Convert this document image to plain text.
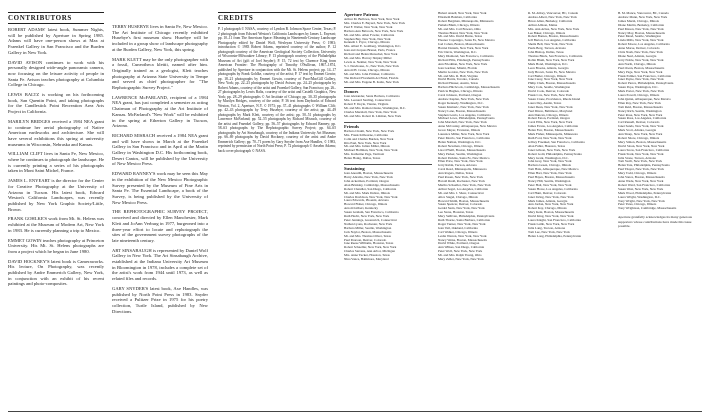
CONTRIBUTORS

ROBERT ADAMS' latest book, Summer Nights, will be published by Aperture in Spring 1985. Adams will have one-person shows at Max at Fraenkel Gallery in San Francisco and the Burden Gallery in New York.

DAVID AVISON continues to work with his personally designed wide-angle panoramic camera, now focusing on the leisure activity of people in Santa Fe. Avison teaches photography at Columbia College in Chicago.

LEWIS BALTZ is working on his forthcoming book, San Quentin Point, and taking photographs for the Candlestick Point Recreation Area Arts Project in California.

MARILYN BRIDGES received a 1984 NEA grant to continue her aerial photography of Native American earthworks and architecture. She will have several exhibitions this spring at university museums in Wisconsin, Nebraska and Kansas.

WILLIAM CLIFT lives in Santa Fe, New Mexico, where he continues to photograph the landscape. He is currently printing a series of his photographs taken in Mont Saint Michel, France.

JAMES L. ENYEART is the director for the Center for Creative Photography at the University of Arizona in Tucson. His latest book, Edward Weston's California Landscapes, was recently published by New York Graphic Society/Little, Brown.

FRANK GOHLKE'S work from Mt. St. Helens was exhibited at the Museum of Modern Art, New York in 1983. He is currently planning a trip to Mexico.

EMMET GOWIN teaches photography at Princeton University. His Mt. St. Helens photographs are from a project which he began in June 1980.

DAVID HOCKNEY'S latest book is Cameraworks. His lecture, On Photography, was recently published by Andre Emmerich Gallery, New York, in conjunction with an exhibit of his recent paintings and photo-composites.

TERRY HUSEBYE lives in Santa Fe, New Mexico. The Art Institute of Chicago recently exhibited Husebye's first museum show. Husebye will be included in a group show of landscape photography at the Burden Gallery, New York, this spring.

MARK KLETT may be the only photographer with a fossil, Cuneotheca klettii, named after him. Originally trained as a geologist, Klett teaches photography at Arizona State University in Tempe and served as chief photographer for "The Rephotographic Survey Project."

LAWRENCE McFARLAND, recipient of a 1984 NEA grant, has just completed a semester as acting Chairman of Photography at the Art Institute of Kansas. McFarland's "New Work" will be exhibited in the spring at Etherton Gallery in Tucson, Arizona.

RICHARD MISRACH received a 1984 NEA grant and will have shows in March at the Fraenkel Gallery in San Francisco and in April at the Martin Gallery in Washington D.C. His forthcoming book, Desert Cantos, will be published by the University of New Mexico Press.

EDWARD RANNEY'S work may be seen this May in the exhibition of the New Mexico Photographic Survey presented by the Museum of Fine Arts in Santa Fe. The Essential Landscape, a book of the Survey, is being published by the University of New Mexico Press.

THE REPHOTOGRAPHIC SURVEY PROJECT, conceived and directed by Ellen Manchester, Mark Klett and JoAnn Verburg in 1977, burgeoned into a three-year effort to locate and rephotograph the sites of the government survey photographs of the late nineteenth century.

ART SINSABAUGH is represented by Daniel Wolf Gallery in New York. The Art Sinsabaugh Archive, established at the Indiana University Art Museum in Bloomington in 1978, includes a complete set of the artist's work from 1944 until 1973, as well as related files and records.

GARY SNYDER'S latest book, Axe Handles, was published by North Point Press in 1983. Snyder received a Pulitzer Prize in 1975 for his poetry collection, Turtle Island, published by New Directions.

CREDITS

P. 1 photograph © NASA, courtesy of Lyndon B. Johnson Space Center, Texas; P. 2 photograph from Edward Weston's California Landscapes by James L. Enyeart; pp. 10–11 from The American Space: Meaning in Nineteenth-Century Landscape Photography edited by Daniel Wolf, Wesleyan University Press; © 1983; introduction © 1983 Robert Adams, reprinted courtesy of the author; P. 12 photograph courtesy of the American Geological Society Collection, University of Wisconsin-Milwaukee Library; P. 13 photograph courtesy of the Philadelphia Museum of Art (gift of Joel Snyder); P. 15, 72 text by Clarence King from American Frontier: The Photography of Timothy O'Sullivan, 1867–1874, published by Aperture in conjunction with the Mt. St. Helens project; pp. 14–17 photographs by Frank Gohlke, courtesy of the artist; P. 17 text by Emmet Gowin; pp. 18–21 photographs by Emmet Gowin, courtesy of Pace/MacGill Gallery, New York; pp. 22–23 photographs by David Avison; pp. 24–25 photographs by Robert Adams, courtesy of the artist and Fraenkel Gallery, San Francisco; pp. 26–27 photographs by Lewis Baltz, courtesy of the artist and Castelli Graphics, New York; pp. 28–29 photographs © Art Institute of Chicago; pp. 30–35 photographs by Marilyn Bridges, courtesy of the artist; P. 36 text from Daybooks of Edward Weston, Vol. 2, Aperture, N.Y. © 1973; pp. 37–41 photographs © William Clift; pp. 42–43 photographs by Terry Husebye, courtesy of the artist; pp. 44–49 photographs by Mark Klett, courtesy of the artist; pp. 50–51 photographs by Lawrence McFarland; pp. 52–55 photographs by Richard Misrach, courtesy of the artist and Fraenkel Gallery; pp. 56–57 photographs by Edward Ranney; pp. 58–63 photographs by The Rephotographic Survey Project; pp. 64–65 photographs by Art Sinsabaugh, courtesy of the Indiana University Art Museum; pp. 66–69 photographs by David Hockney, courtesy of the artist and Andre Emmerich Gallery; pp. 70–71 poem by Gary Snyder from Axe Handles, © 1983, reprinted by permission of North Point Press; P. 72 photograph © Anselm Adams; back cover photograph © NASA.

Aperture Patrons
Arthur M. Bullowa, New York, New York
Mrs. Charles E. Bayard, New York, New York
Paul F. Walter, New York, New York
Barbara Ann Babcock, New York, New York
Mr. and Mrs. Allen Fowler, California
Stephen Bay, New York, New York
Kenneth J. Pryor, Chicago, Illinois
Mrs. Albert E. Goldberg, Washington, D.C.
Jean and Jacques Brunet, Paris, France
Richard and Helen Menschel, New York
Mr. and Mrs. Harvey Shipley Miller
Lewis A. Neimer, New York, New York
S. I. Newhouse, Jr., New York, New York
Arnold H. Crane, Chicago, Illinois
Mr. and Mrs. John Pritzker, California
The Richard Florsheim Art Fund, Florida
Mr. and Mrs. Eugene B. Kohn, New York
Donors
Joan Alexander, Santa Barbara, California
Mrs. Leonard Sterling, Connecticut
Robert F. Doyle, Vienna, Virginia
Mr. and Mrs. Ramon Osuna, Washington, D.C.
Charles Marshall, New York, New York
Mr. and Mrs. Robert R. Littman, New York
Friends
Barbara Chaim, New York, New York
Mrs. Frank Kilbourne, California
Colin and Charles Burden, New York
Rita Paul, New York, New York
Mr. and Mrs. Julian Miller, Illinois
Michael Hoffman, New York, New York
Mrs. Katharine Page, Vermont
Helen Honig, Dallas, Texas
Sustaining
Jean Anouilh, Boston, Massachusetts
Harry Abrams, New York, New York
John Ackerman, Portland, Oregon
Alan Brinkley, Cambridge, Massachusetts
Robert Chandler, San Diego, California
Mr. and Mrs. Mark Dalton, Illinois
Charles Davidson, New York, New York
Laura Edwards, Phoenix, Arizona
Howard Fisher, Chicago, Illinois
Arnold Gilbert, Kentucky
Susan Graham, San Francisco, California
Ruth Hecht, New York, New York
Peter Jennings, Greenwich, Connecticut
Nathan Lyons, Rochester, New York
Barbara Miller, Seattle, Washington
Jack Naylor, Boston, Massachusetts
Mr. and Mrs. Thomas Oliver, Texas
Paul Pearson, Denver, Colorado
Jane Reese Williams, Houston, Texas
Robert Schaeffer, New York, New York
Charles Stevens, Ann Arbor, Michigan
Mrs. Anne Tucker, Houston, Texas
Nina Vance, Baltimore, Maryland
Hubert Ansell, New York, New York
Elisabeth Balaban, California
Robert Bergman, Minneapolis, Minnesota
Pamela Blum, Chicago, Illinois
Mr. and Mrs. Carl Bowers, Ohio
Thomas Brand, New York, New York
Mr. and Mrs. David Burns, Texas
Eleanor Caponigro, Santa Fe, New Mexico
Joel Cohen, Boston, Massachusetts
Harriet Daniels, New York, New York
Eric Davis, Washington, D.C.
Mary Diamond, San Francisco, California
Richard Ellis, Pittsburgh, Pennsylvania
Ann Friedman, New York, New York
Jean Gardner, Miami, Florida
Martin Gordon, New York, New York
Mr. and Mrs. R. Hall, Virginia
David Harris, Toronto, Canada
Richard Hauser, Austin, Texas
Barbara Hitchcock, Cambridge, Massachusetts
Patricia Hughes, Chicago, Illinois
Carol Johnson, Portland, Oregon
Andrew Kaplan, New York, New York
Roger Kennedy, Washington, D.C.
Susan Kismaric, New York, New York
Nancy Lane, Boston, Massachusetts
Stephen Lewis, Los Angeles, California
Michael Lowe, Philadelphia, Pennsylvania
John Marshall, New York, New York
Anne McCauley, Albuquerque, New Mexico
Grace Meyer, Evanston, Illinois
Laurence Miller, New York, New York
Peter Morris, San Francisco, California
Helen Nathan, Washington, D.C.
Robert Newman, Chicago, Illinois
Lisa O'Neill, Boston, Massachusetts
Mary Parker, Seattle, Washington
Robert Perkins, Santa Fe, New Mexico
Ellen Price, New York, New York
Jerry Rabin, Tucson, Arizona
Carol Reed, Minneapolis, Minnesota
Ann Rogers, Dallas, Texas
Paul Rosen, New York, New York
Harold Rudd, Rochester, New York
Martha Schaeffer, New York, New York
Arthur Segal, Los Angeles, California
Mr. and Mrs. J. Shaw, Connecticut
Alice Siegel, Chicago, Illinois
Howard Smith, Boston, Massachusetts
Susan Spencer, Denver, Colorado
Gerald Stein, New York, New York
Lee Stone, Houston, Texas
Mary Sullivan, Philadelphia, Pennsylvania
Ruth Thorne, Santa Barbara, California
Roger Turner, New York, New York
Jean Vail, Oakland, California
Carl Walker, Chicago, Illinois
Leslie Warren, New York, New York
Nancy Weiss, Boston, Massachusetts
David White, Portland, Oregon
Ann Wilkes, San Diego, California
Peter Wolf, New York, New York
Mr. and Mrs. Ralph Young, Ohio
Mary Zeller, New York, New York
R. M. Abbey, Vancouver, BC, Canada
Andrea Albert, New York, New York
Bruce Allen, Berkeley, California
Arthur Allison, Maine
Mrs. Ann Arbus, New York, New York
Lee Baker, Chicago, Illinois
Robert Barnes, Boston, Massachusetts
Jeff Barton, Los Angeles, California
Sheila Bell, New York, New York
Paula Berg, Tucson, Arizona
John Bishop, Dallas, Texas
Thomas Black, San Francisco, California
Robin Blum, New York, New York
Mark Bond, Washington, D.C.
Leon Brooks, Atlanta, Georgia
Judy Brown, Santa Fe, New Mexico
Carl Butler, Chicago, Illinois
Jane Carey, New York, New York
Philip Clark, Boston, Massachusetts
Mary Cole, Seattle, Washington
David Cook, Denver, Colorado
Frank Cox, New York, New York
Susan Crane, Providence, Rhode Island
Laura Day, Austin, Texas
Janet Dean, New York, New York
Paul Dixon, Baltimore, Maryland
Ann Duncan, Chicago, Illinois
Robert Eaton, Portland, Oregon
Carol Ellis, New York, New York
James Evans, Los Angeles, California
Helen Farr, Boston, Massachusetts
Mark Fisher, Minneapolis, Minnesota
Ruth Ford, New York, New York
Jeffrey Fraenkel, San Francisco, California
Alan Fuller, Houston, Texas
Janet Gibson, New York, New York
Robert Gold, Philadelphia, Pennsylvania
Mary Grant, Washington, D.C.
John Gray, New York, New York
Barbara Green, Chicago, Illinois
Tom Hale, Albuquerque, New Mexico
Ellen Hart, New York, New York
Paul Hayes, Boston, Massachusetts
Nancy Hill, Seattle, Washington
Peter Holt, New York, New York
Susan Howe, Los Angeles, California
Carl Hunt, Denver, Colorado
Janet Irving, New York, New York
Mark James, Atlanta, Georgia
Ann Jordan, New York, New York
Robert Kay, Chicago, Illinois
Mary Kent, Boston, Massachusetts
David King, New York, New York
Laura Knight, San Francisco, California
Frank Lamb, New York, New York
Julia Lang, Tucson, Arizona
Tom Lee, New York, New York
Helen Long, Philadelphia, Pennsylvania
B. M. Mance, Vancouver, BC, Canada
Andrew Mann, New York, New York
James Marsh, Chicago, Illinois
Diane Martin, Berkeley, California
Paul Mason, New York, New York
Nancy May, Boston, Massachusetts
Peter Mead, Seattle, Washington
Linda Mills, New York, New York
Robert Moore, Los Angeles, California
Anne Morse, Denver, Colorado
Chris Nash, New York, New York
Diane Neal, Atlanta, Georgia
Jerry Noble, New York, New York
Ann North, Chicago, Illinois
Paul Owen, Boston, Massachusetts
Mary Page, New York, New York
Frank Palmer, San Francisco, California
Janet Payne, New York, New York
Robert Pierce, Philadelphia, Pennsylvania
Susan Pope, Washington, D.C.
Mark Porter, New York, New York
Laura Powell, Chicago, Illinois
John Quinn, Albuquerque, New Mexico
Ellen Ray, New York, New York
Tom Reid, Boston, Massachusetts
Nancy Rich, Seattle, Washington
Peter Rose, New York, New York
Susan Ross, Los Angeles, California
Carl Russell, Denver, Colorado
Janet Sands, New York, New York
Mark Scott, Atlanta, Georgia
Ann Sharp, New York, New York
Robert Shore, Chicago, Illinois
Mary Simon, Boston, Massachusetts
David Sloan, New York, New York
Laura Snow, San Francisco, California
Frank Stark, New York, New York
Julia Stone, Tucson, Arizona
Tom Swift, New York, New York
Helen Tate, Philadelphia, Pennsylvania
Paul Thayer, New York, New York
Mary Todd, Chicago, Illinois
John Vance, Boston, Massachusetts
Anne Wade, New York, New York
Robert Ward, San Francisco, California
Susan West, New York, New York
Mark Wood, Philadelphia, Pennsylvania
Laura Wright, Washington, D.C.
Tony Wright, New York, New York
Peter Yates, Chicago, Illinois
Tony Wrightson, Cambridge, Massachusetts
Aperture gratefully acknowledges its many generous supporters whose contributions have made this issue possible.
